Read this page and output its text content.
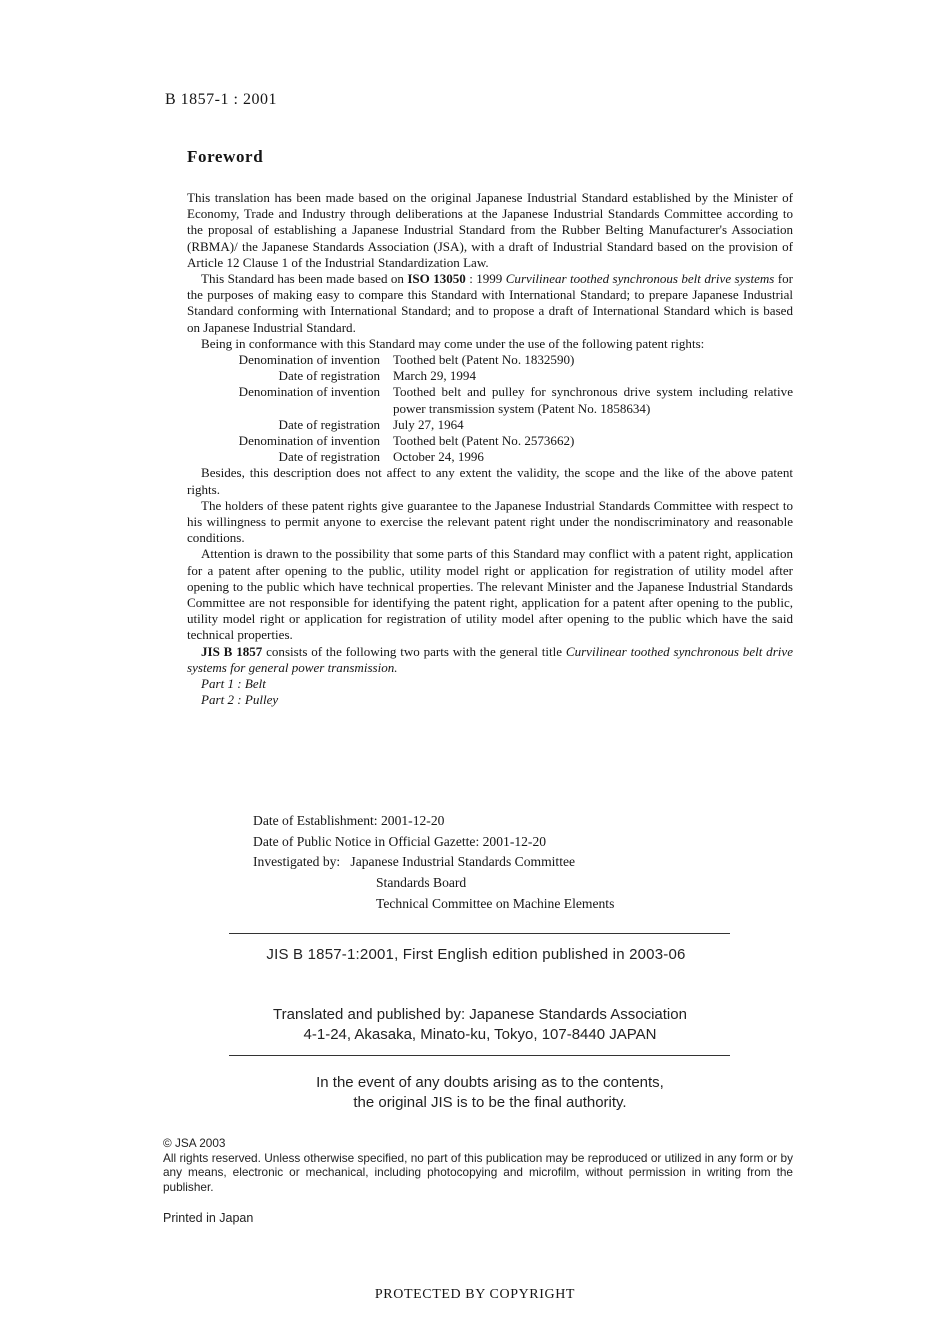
B 1857-1 : 2001
Foreword

This translation has been made based on the original Japanese Industrial Standard established by the Minister of Economy, Trade and Industry through deliberations at the Japanese Industrial Standards Committee according to the proposal of establishing a Japanese Industrial Standard from the Rubber Belting Manufacturer's Association (RBMA)/ the Japanese Standards Association (JSA), with a draft of Industrial Standard based on the provision of Article 12 Clause 1 of the Industrial Standardization Law.

This Standard has been made based on ISO 13050 : 1999 Curvilinear toothed synchronous belt drive systems for the purposes of making easy to compare this Standard with International Standard; to prepare Japanese Industrial Standard conforming with International Standard; and to propose a draft of International Standard which is based on Japanese Industrial Standard.

Being in conformance with this Standard may come under the use of the following patent rights:

Denomination of invention	Toothed belt (Patent No. 1832590)
Date of registration	March 29, 1994
Denomination of invention	Toothed belt and pulley for synchronous drive system including relative power transmission system (Patent No. 1858634)
Date of registration	July 27, 1964
Denomination of invention	Toothed belt (Patent No. 2573662)
Date of registration	October 24, 1996

Besides, this description does not affect to any extent the validity, the scope and the like of the above patent rights.

The holders of these patent rights give guarantee to the Japanese Industrial Standards Committee with respect to his willingness to permit anyone to exercise the relevant patent right under the nondiscriminatory and reasonable conditions.

Attention is drawn to the possibility that some parts of this Standard may conflict with a patent right, application for a patent after opening to the public, utility model right or application for registration of utility model after opening to the public which have technical properties. The relevant Minister and the Japanese Industrial Standards Committee are not responsible for identifying the patent right, application for a patent after opening to the public, utility model right or application for registration of utility model after opening to the public which have the said technical properties.

JIS B 1857 consists of the following two parts with the general title Curvilinear toothed synchronous belt drive systems for general power transmission.

Part 1 : Belt

Part 2 : Pulley

Date of Establishment: 2001-12-20
Date of Public Notice in Official Gazette: 2001-12-20
Investigated by: Japanese Industrial Standards Committee
Standards Board
Technical Committee on Machine Elements
JIS B 1857-1:2001, First English edition published in 2003-06
Translated and published by: Japanese Standards Association
4-1-24, Akasaka, Minato-ku, Tokyo, 107-8440 JAPAN
In the event of any doubts arising as to the contents,
the original JIS is to be the final authority.
© JSA 2003
All rights reserved. Unless otherwise specified, no part of this publication may be reproduced or utilized in any form or by any means, electronic or mechanical, including photocopying and microfilm, without permission in writing from the publisher.
Printed in Japan
PROTECTED BY COPYRIGHT
